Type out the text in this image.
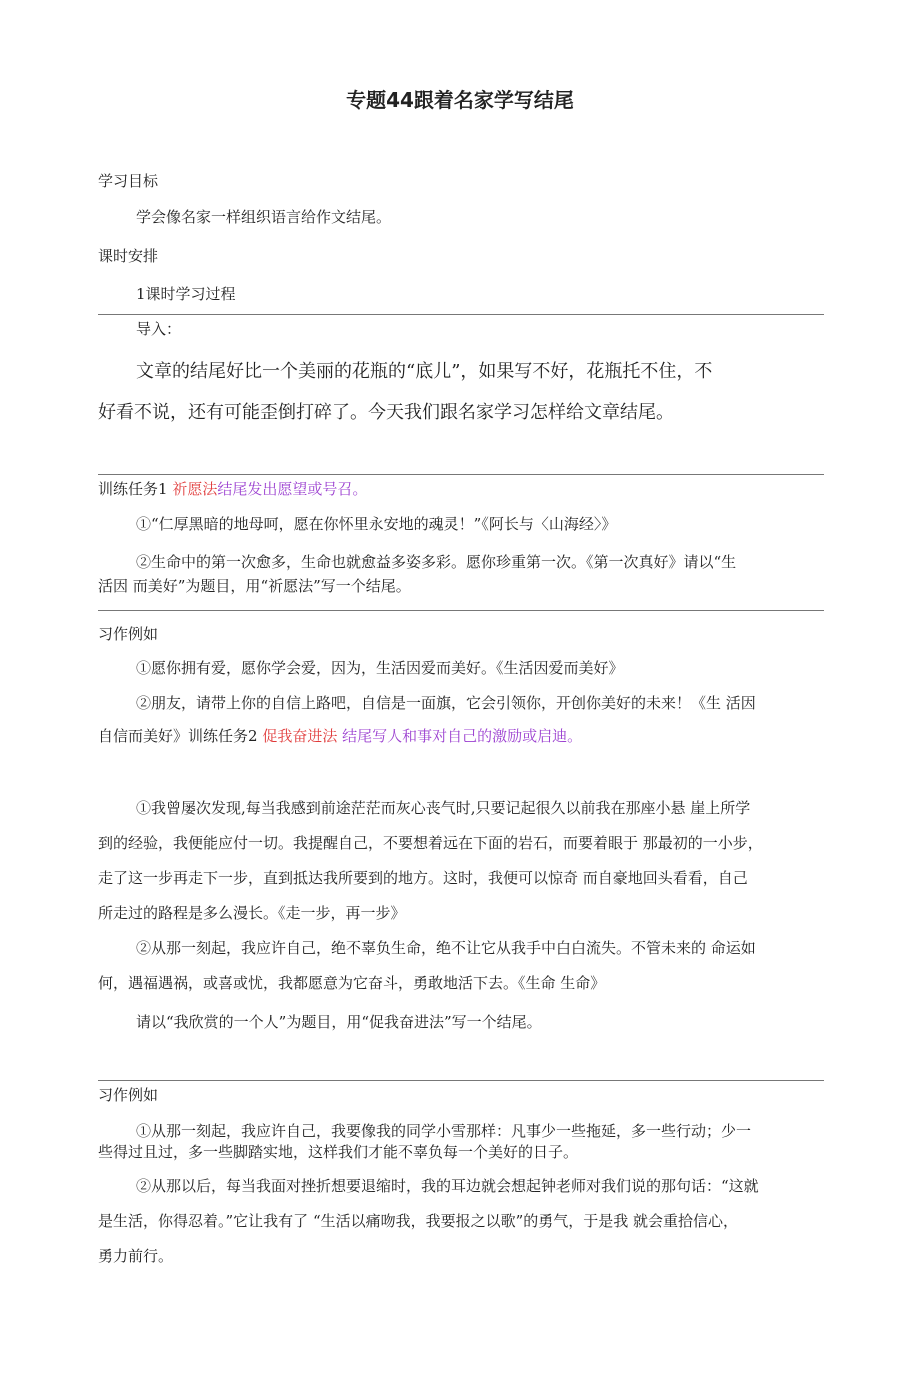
专题44跟着名家学写结尾
学习目标
学会像名家一样组织语言给作文结尾。
课时安排
1课时学习过程
导入：
文章的结尾好比一个美丽的花瓶的“底儿”，如果写不好，花瓶托不住，不
好看不说，还有可能歪倒打碎了。今天我们跟名家学习怎样给文章结尾。
训练任务1 祈愿法结尾发出愿望或号召。
①“仁厚黑暗的地母呵，愿在你怀里永安地的魂灵！”《阿长与〈山海经〉》
②生命中的第一次愈多，生命也就愈益多姿多彩。愿你珍重第一次。《第一次真好》请以“生
活因 而美好”为题目，用“祈愿法”写一个结尾。
习作例如
①愿你拥有爱，愿你学会爱，因为，生活因爱而美好。《生活因爱而美好》
②朋友，请带上你的自信上路吧，自信是一面旗，它会引领你，开创你美好的未来！《生 活因
自信而美好》训练任务2 促我奋进法 结尾写人和事对自己的激励或启迪。
①我曾屡次发现,每当我感到前途茫茫而灰心丧气时,只要记起很久以前我在那座小悬 崖上所学
到的经验，我便能应付一切。我提醒自己，不要想着远在下面的岩石，而要着眼于 那最初的一小步，
走了这一步再走下一步，直到抵达我所要到的地方。这时，我便可以惊奇 而自豪地回头看看，自己
所走过的路程是多么漫长。《走一步，再一步》
②从那一刻起，我应许自己，绝不辜负生命，绝不让它从我手中白白流失。不管未来的 命运如
何，遇福遇祸，或喜或忧，我都愿意为它奋斗，勇敢地活下去。《生命 生命》
请以“我欣赏的一个人”为题目，用“促我奋进法”写一个结尾。
习作例如
①从那一刻起，我应许自己，我要像我的同学小雪那样：凡事少一些拖延，多一些行动；少一
些得过且过，多一些脚踏实地，这样我们才能不辜负每一个美好的日子。
②从那以后，每当我面对挫折想要退缩时，我的耳边就会想起钟老师对我们说的那句话：“这就
是生活，你得忍着。”它让我有了 “生活以痛吻我，我要报之以歌”的勇气，于是我 就会重拾信心，
勇力前行。
